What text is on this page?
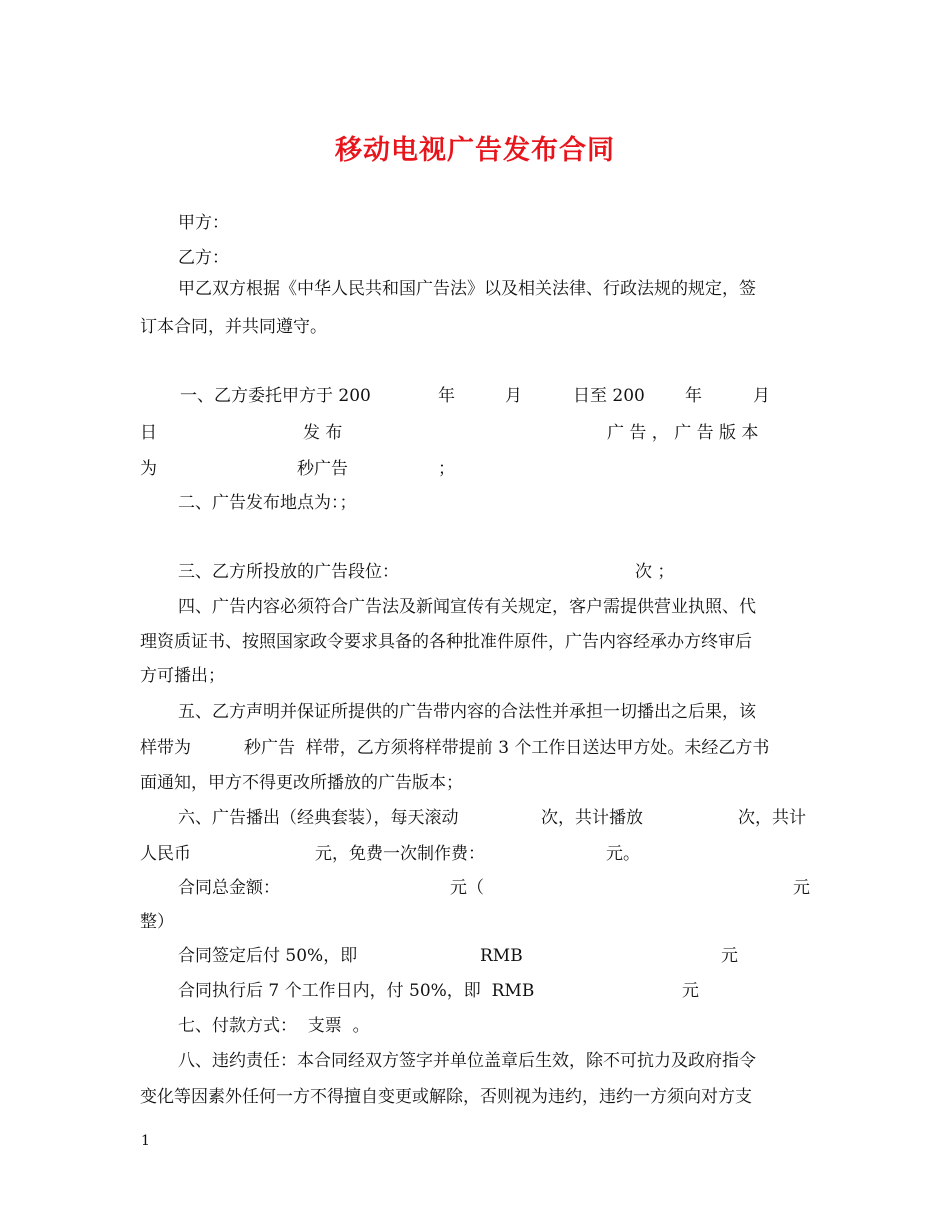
移动电视广告发布合同
甲方：
乙方：
甲乙双方根据《中华人民共和国广告法》以及相关法律、行政法规的规定，签
订本合同，并共同遵守。
一、乙方委托甲方于 200	年	月	日至 200 年	月
日	发 布	广 告 ， 广 告 版 本
为	秒广告	；
二、广告发布地点为：；
三、乙方所投放的广告段位：	次 ；
四、广告内容必须符合广告法及新闻宣传有关规定，客户需提供营业执照、代
理资质证书、按照国家政令要求具备的各种批准件原件，广告内容经承办方终审后
方可播出；
五、乙方声明并保证所提供的广告带内容的合法性并承担一切播出之后果，该
样带为	秒广告  样带，乙方须将样带提前 3 个工作日送达甲方处。未经乙方书
面通知，甲方不得更改所播放的广告版本；
六、广告播出（经典套装），每天滚动	次，共计播放	次，共计
人民币	元，免费一次制作费：	元。
合同总金额：	元（	元
整）
合同签定后付 50%，即	RMB	元
合同执行后 7 个工作日内，付 50%，即  RMB	元
七、付款方式：  支票  。
八、违约责任：本合同经双方签字并单位盖章后生效，除不可抗力及政府指令
变化等因素外任何一方不得擅自变更或解除，否则视为违约，违约一方须向对方支
1
